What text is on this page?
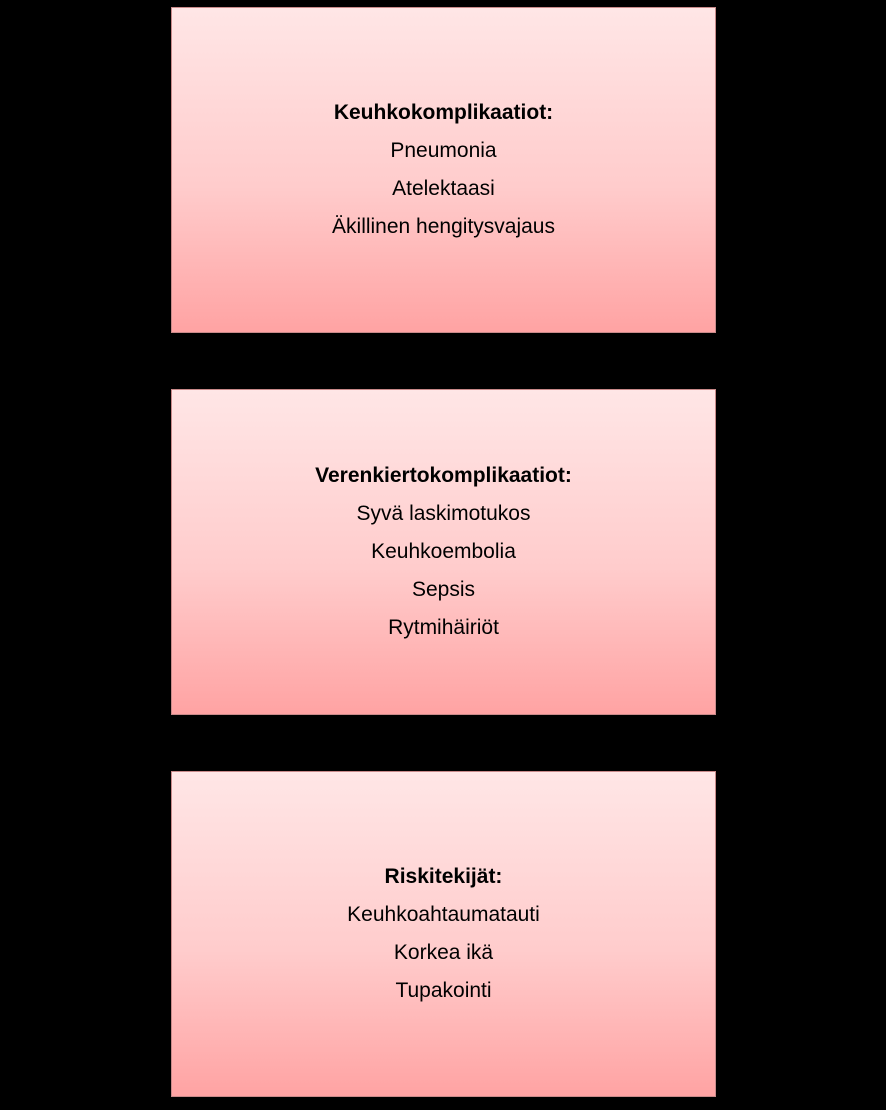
Keuhkokomplikaatiot:
Pneumonia
Atelektaasi
Äkillinen hengitysvajaus
Verenkiertokomplikaatiot:
Syvä laskimotukos
Keuhkoembolia
Sepsis
Rytmihäiriöt
Riskitekijät:
Keuhkoahtaumatauti
Korkea ikä
Tupakointi
